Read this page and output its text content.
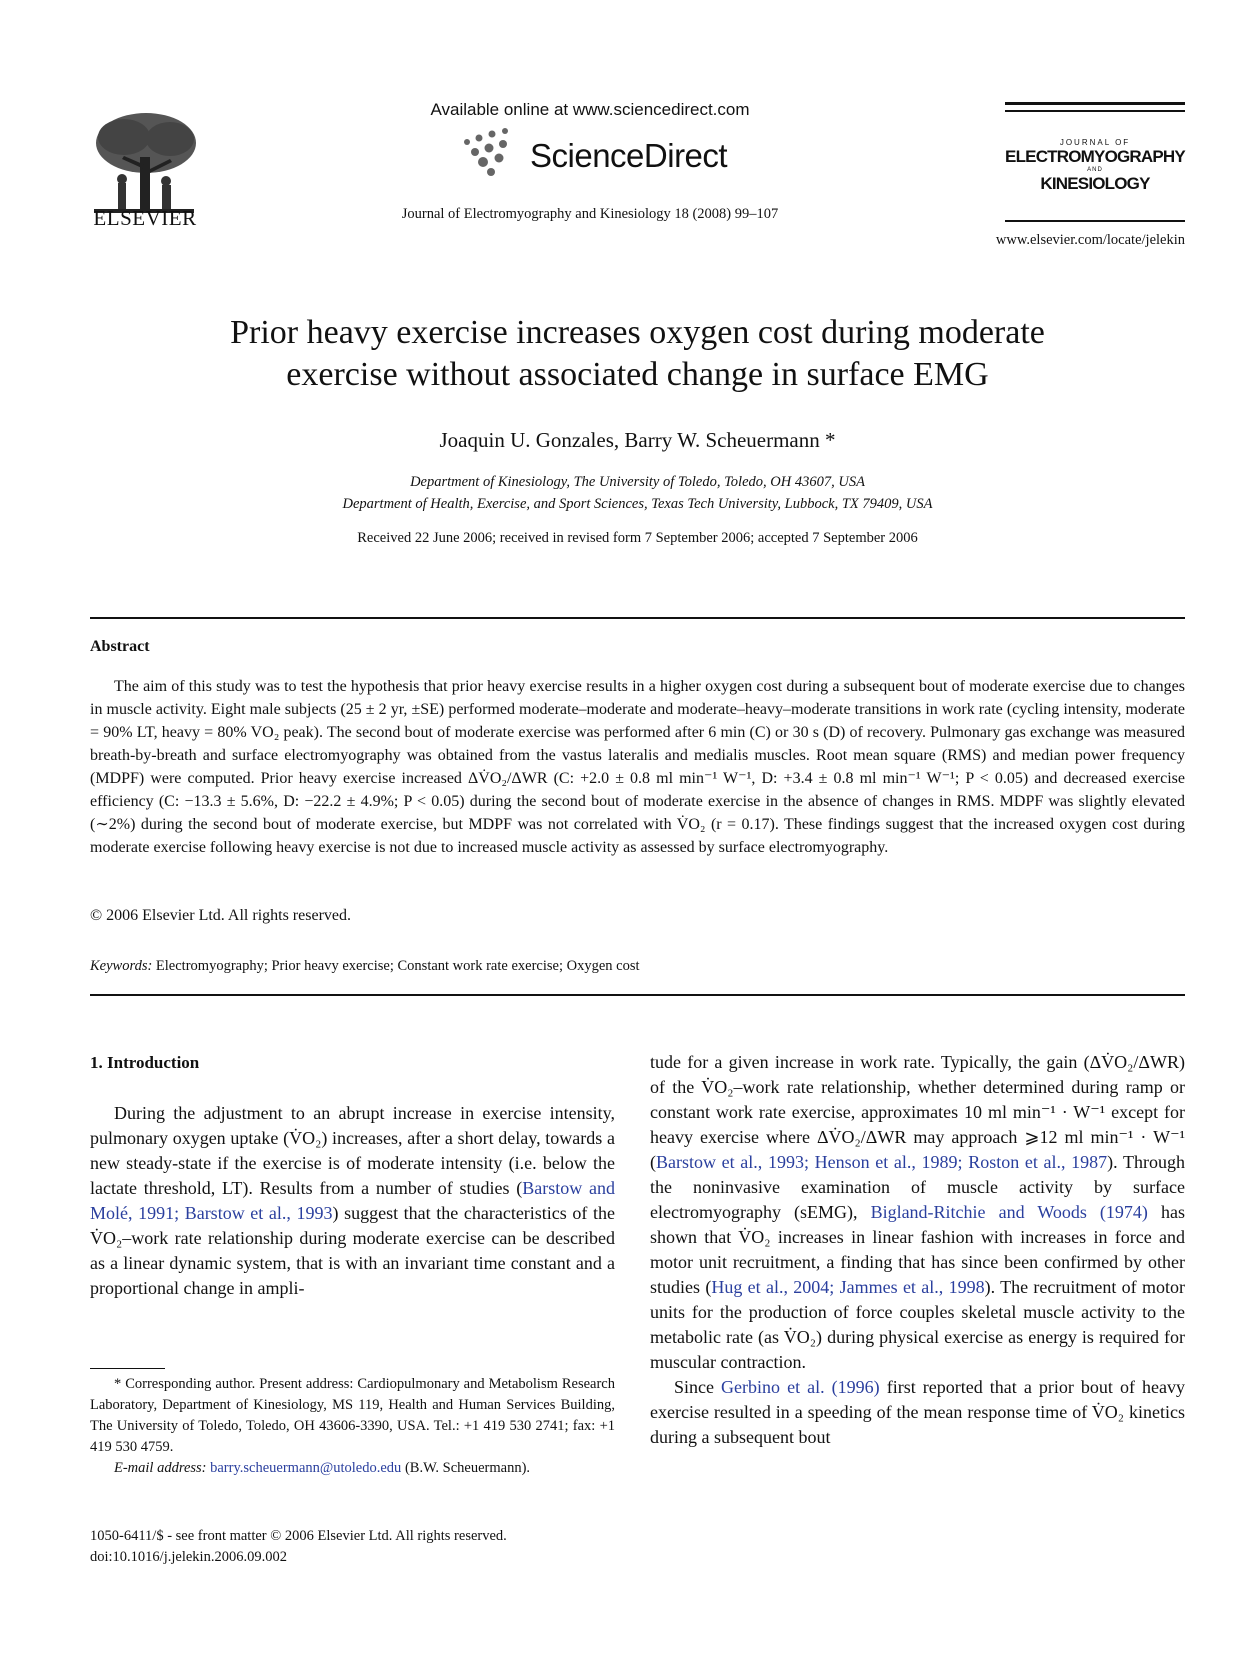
ELSEVIER
Available online at www.sciencedirect.com
ScienceDirect
Journal of Electromyography and Kinesiology 18 (2008) 99–107
JOURNAL OF
ELECTROMYOGRAPHY
AND
KINESIOLOGY
www.elsevier.com/locate/jelekin
Prior heavy exercise increases oxygen cost during moderate
exercise without associated change in surface EMG
Joaquin U. Gonzales, Barry W. Scheuermann *
Department of Kinesiology, The University of Toledo, Toledo, OH 43607, USA
Department of Health, Exercise, and Sport Sciences, Texas Tech University, Lubbock, TX 79409, USA
Received 22 June 2006; received in revised form 7 September 2006; accepted 7 September 2006
Abstract

The aim of this study was to test the hypothesis that prior heavy exercise results in a higher oxygen cost during a subsequent bout of moderate exercise due to changes in muscle activity. Eight male subjects (25 ± 2 yr, ±SE) performed moderate–moderate and moderate–heavy–moderate transitions in work rate (cycling intensity, moderate = 90% LT, heavy = 80% VO₂ peak). The second bout of moderate exercise was performed after 6 min (C) or 30 s (D) of recovery. Pulmonary gas exchange was measured breath-by-breath and surface electromyography was obtained from the vastus lateralis and medialis muscles. Root mean square (RMS) and median power frequency (MDPF) were computed. Prior heavy exercise increased ΔV̇O₂/ΔWR (C: +2.0 ± 0.8 ml min⁻¹ W⁻¹, D: +3.4 ± 0.8 ml min⁻¹ W⁻¹; P < 0.05) and decreased exercise efficiency (C: −13.3 ± 5.6%, D: −22.2 ± 4.9%; P < 0.05) during the second bout of moderate exercise in the absence of changes in RMS. MDPF was slightly elevated (∼2%) during the second bout of moderate exercise, but MDPF was not correlated with V̇O₂ (r = 0.17). These findings suggest that the increased oxygen cost during moderate exercise following heavy exercise is not due to increased muscle activity as assessed by surface electromyography.

© 2006 Elsevier Ltd. All rights reserved.
Keywords: Electromyography; Prior heavy exercise; Constant work rate exercise; Oxygen cost
1. Introduction

During the adjustment to an abrupt increase in exercise intensity, pulmonary oxygen uptake (V̇O₂) increases, after a short delay, towards a new steady-state if the exercise is of moderate intensity (i.e. below the lactate threshold, LT). Results from a number of studies (Barstow and Molé, 1991; Barstow et al., 1993) suggest that the characteristics of the V̇O₂–work rate relationship during moderate exercise can be described as a linear dynamic system, that is with an invariant time constant and a proportional change in ampli-

tude for a given increase in work rate. Typically, the gain (ΔV̇O₂/ΔWR) of the V̇O₂–work rate relationship, whether determined during ramp or constant work rate exercise, approximates 10 ml min⁻¹ · W⁻¹ except for heavy exercise where ΔV̇O₂/ΔWR may approach ⩾12 ml min⁻¹ · W⁻¹ (Barstow et al., 1993; Henson et al., 1989; Roston et al., 1987). Through the noninvasive examination of muscle activity by surface electromyography (sEMG), Bigland-Ritchie and Woods (1974) has shown that V̇O₂ increases in linear fashion with increases in force and motor unit recruitment, a finding that has since been confirmed by other studies (Hug et al., 2004; Jammes et al., 1998). The recruitment of motor units for the production of force couples skeletal muscle activity to the metabolic rate (as V̇O₂) during physical exercise as energy is required for muscular contraction.

Since Gerbino et al. (1996) first reported that a prior bout of heavy exercise resulted in a speeding of the mean response time of V̇O₂ kinetics during a subsequent bout

* Corresponding author. Present address: Cardiopulmonary and Metabolism Research Laboratory, Department of Kinesiology, MS 119, Health and Human Services Building, The University of Toledo, Toledo, OH 43606-3390, USA. Tel.: +1 419 530 2741; fax: +1 419 530 4759.

E-mail address: barry.scheuermann@utoledo.edu (B.W. Scheuermann).

1050-6411/$ - see front matter © 2006 Elsevier Ltd. All rights reserved.
doi:10.1016/j.jelekin.2006.09.002
